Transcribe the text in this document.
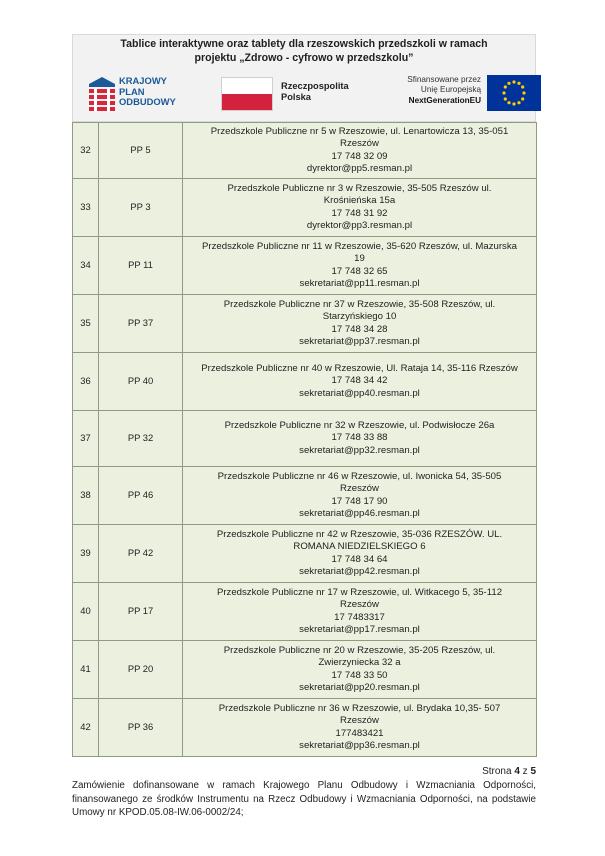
Tablice interaktywne oraz tablety dla rzeszowskich przedszkoli w ramach
projektu „Zdrowo - cyfrowo w przedszkolu”
KRAJOWY
PLAN
ODBUDOWY
Rzeczpospolita
Polska
Sfinansowane przez
Unię Europejską
NextGenerationEU
32	PP 5	Przedszkole Publiczne nr 5 w Rzeszowie, ul. Lenartowicza 13, 35-051
Rzeszów
17 748 32 09
dyrektor@pp5.resman.pl

33	PP 3	Przedszkole Publiczne nr 3 w Rzeszowie, 35-505 Rzeszów ul.
Krośnieńska 15a
17 748 31 92
dyrektor@pp3.resman.pl

34	PP 11	Przedszkole Publiczne nr 11 w Rzeszowie, 35-620 Rzeszów, ul. Mazurska
19
17 748 32 65
sekretariat@pp11.resman.pl

35	PP 37	Przedszkole Publiczne nr 37 w Rzeszowie, 35-508 Rzeszów, ul.
Starzyńskiego 10
17 748 34 28
sekretariat@pp37.resman.pl

36	PP 40	Przedszkole Publiczne nr 40 w Rzeszowie, Ul. Rataja 14, 35-116 Rzeszów
17 748 34 42
sekretariat@pp40.resman.pl

37	PP 32	Przedszkole Publiczne nr 32 w Rzeszowie, ul. Podwisłocze 26a
17 748 33 88
sekretariat@pp32.resman.pl

38	PP 46	Przedszkole Publiczne nr 46 w Rzeszowie, ul. Iwonicka 54, 35-505
Rzeszów
17 748 17 90
sekretariat@pp46.resman.pl

39	PP 42	Przedszkole Publiczne nr 42 w Rzeszowie, 35-036 RZESZÓW. UL.
ROMANA NIEDZIELSKIEGO 6
17 748 34 64
sekretariat@pp42.resman.pl

40	PP 17	Przedszkole Publiczne nr 17 w Rzeszowie, ul. Witkacego 5, 35-112
Rzeszów
17 7483317
sekretariat@pp17.resman.pl

41	PP 20	Przedszkole Publiczne nr 20 w Rzeszowie, 35-205 Rzeszów, ul.
Zwierzyniecka 32 a
17 748 33 50
sekretariat@pp20.resman.pl

42	PP 36	Przedszkole Publiczne nr 36 w Rzeszowie, ul. Brydaka 10,35- 507
Rzeszów
177483421
sekretariat@pp36.resman.pl
Strona 4 z 5
Zamówienie dofinansowane w ramach Krajowego Planu Odbudowy i Wzmacniania Odporności, finansowanego ze środków Instrumentu na Rzecz Odbudowy i Wzmacniania Odporności, na podstawie Umowy nr KPOD.05.08-IW.06-0002/24;
